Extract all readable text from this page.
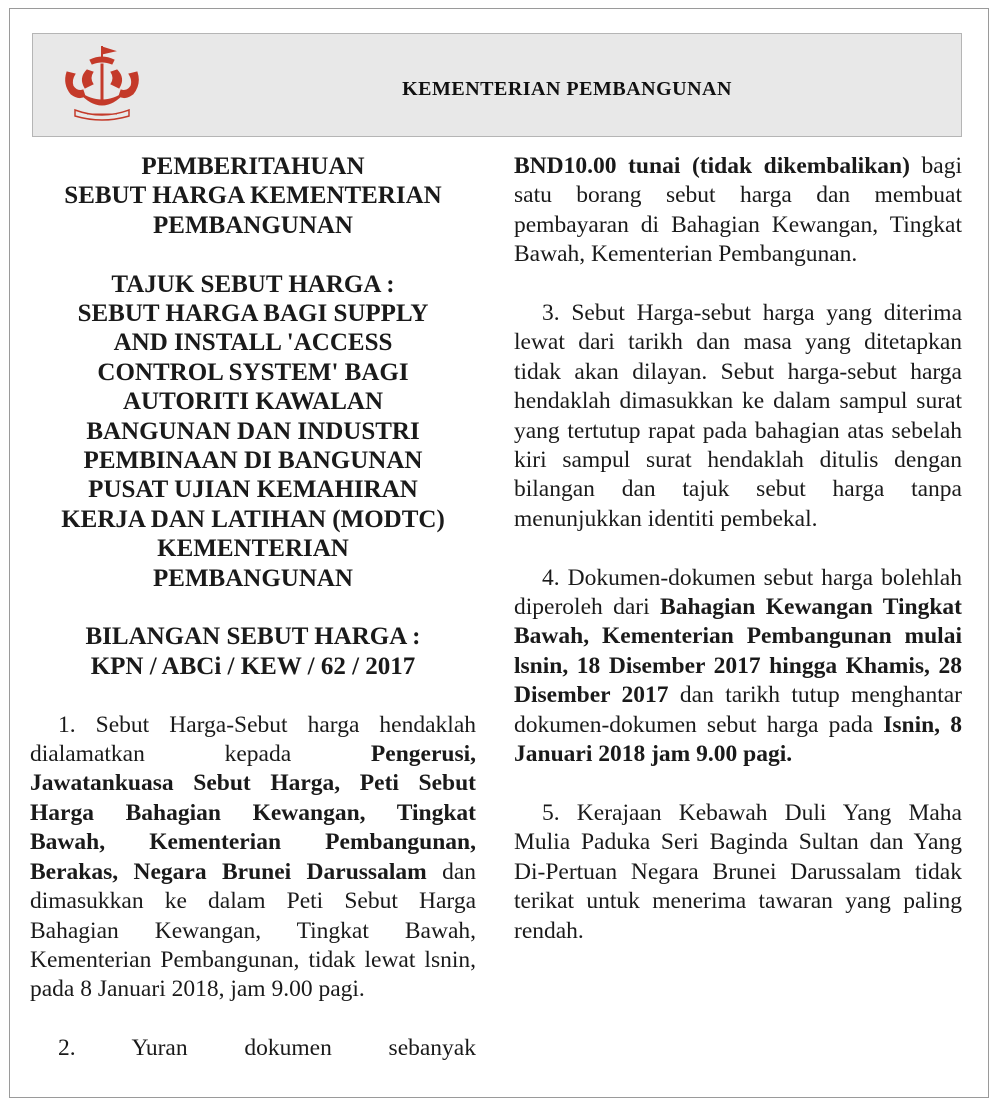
KEMENTERIAN PEMBANGUNAN

PEMBERITAHUAN

SEBUT HARGA KEMENTERIAN

PEMBANGUNAN

TAJUK SEBUT HARGA :

SEBUT HARGA BAGI SUPPLY

AND INSTALL 'ACCESS

CONTROL SYSTEM' BAGI

AUTORITI KAWALAN

BANGUNAN DAN INDUSTRI

PEMBINAAN DI BANGUNAN

PUSAT UJIAN KEMAHIRAN

KERJA DAN LATIHAN (MODTC)

KEMENTERIAN

PEMBANGUNAN

BILANGAN SEBUT HARGA :

KPN / ABCi / KEW / 62 / 2017

1. Sebut Harga-Sebut harga hendaklah dialamatkan kepada Pengerusi, Jawatankuasa Sebut Harga, Peti Sebut Harga Bahagian Kewangan, Tingkat Bawah, Kementerian Pembangunan, Berakas, Negara Brunei Darussalam dan dimasukkan ke dalam Peti Sebut Harga Bahagian Kewangan, Tingkat Bawah, Kementerian Pembangunan, tidak lewat lsnin, pada 8 Januari 2018, jam 9.00 pagi.

2. Yuran dokumen sebanyak

BND10.00 tunai (tidak dikembalikan) bagi satu borang sebut harga dan membuat pembayaran di Bahagian Kewangan, Tingkat Bawah, Kementerian Pembangunan.

3. Sebut Harga-sebut harga yang diterima lewat dari tarikh dan masa yang ditetapkan tidak akan dilayan. Sebut harga-sebut harga hendaklah dimasukkan ke dalam sampul surat yang tertutup rapat pada bahagian atas sebelah kiri sampul surat hendaklah ditulis dengan bilangan dan tajuk sebut harga tanpa menunjukkan identiti pembekal.

4. Dokumen-dokumen sebut harga bolehlah diperoleh dari Bahagian Kewangan Tingkat Bawah, Kementerian Pembangunan mulai lsnin, 18 Disember 2017 hingga Khamis, 28 Disember 2017 dan tarikh tutup menghantar dokumen-dokumen sebut harga pada Isnin, 8 Januari 2018 jam 9.00 pagi.

5. Kerajaan Kebawah Duli Yang Maha Mulia Paduka Seri Baginda Sultan dan Yang Di-Pertuan Negara Brunei Darussalam tidak terikat untuk menerima tawaran yang paling rendah.
